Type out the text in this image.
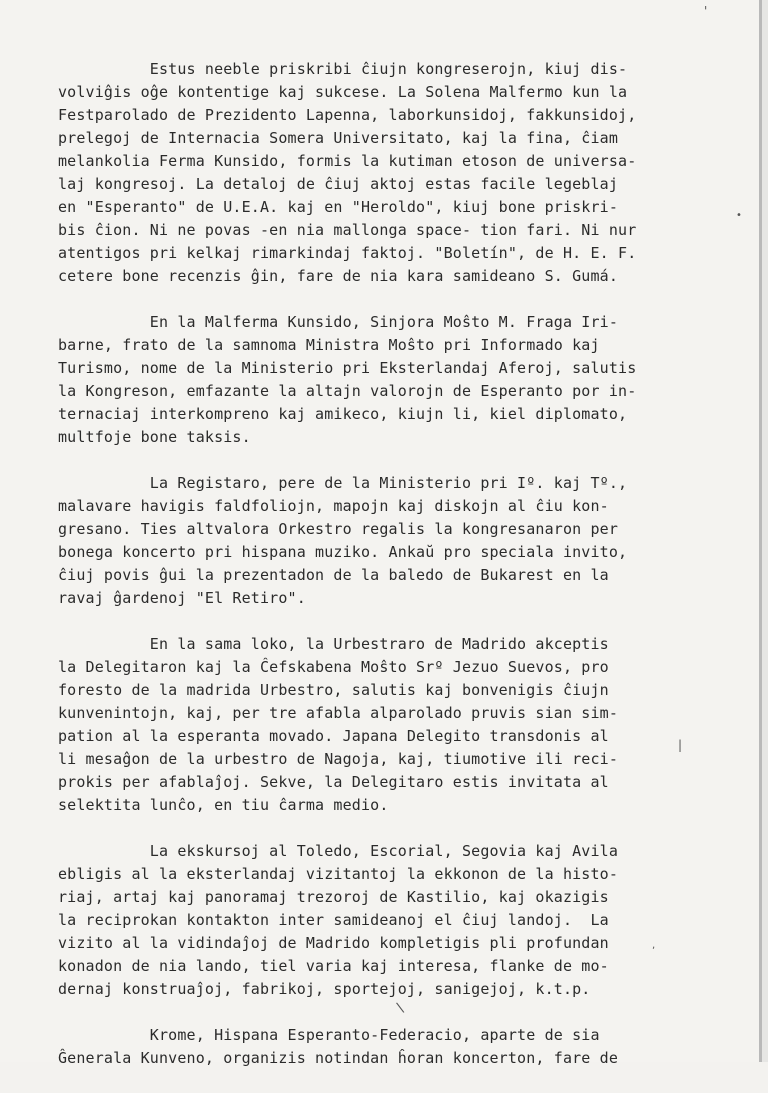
'
•
|
,
\
Estus neeble priskribi ĉiujn kongreserojn, kiuj dis-
volviĝis oĝe kontentige kaj sukcese. La Solena Malfermo kun la
Festparolado de Prezidento Lapenna, laborkunsidoj, fakkunsidoj,
prelegoj de Internacia Somera Universitato, kaj la fina, ĉiam
melankolia Ferma Kunsido, formis la kutiman etoson de universa-
laj kongresoj. La detaloj de ĉiuj aktoj estas facile legeblaj
en "Esperanto" de U.E.A. kaj en "Heroldo", kiuj bone priskri-
bis ĉion. Ni ne povas -en nia mallonga space- tion fari. Ni nur
atentigos pri kelkaj rimarkindaj faktoj. "Boletín", de H. E. F.
cetere bone recenzis ĝin, fare de nia kara samideano S. Gumá.
En la Malferma Kunsido, Sinjora Moŝto M. Fraga Iri-
barne, frato de la samnoma Ministra Moŝto pri Informado kaj
Turismo, nome de la Ministerio pri Eksterlandaj Aferoj, salutis
la Kongreson, emfazante la altajn valorojn de Esperanto por in-
ternaciaj interkompreno kaj amikeco, kiujn li, kiel diplomato,
multfoje bone taksis.
La Registaro, pere de la Ministerio pri Iº. kaj Tº.,
malavare havigis faldfoliojn, mapojn kaj diskojn al ĉiu kon-
gresano. Ties altvalora Orkestro regalis la kongresanaron per
bonega koncerto pri hispana muziko. Ankaŭ pro speciala invito,
ĉiuj povis ĝui la prezentadon de la baledo de Bukarest en la
ravaj ĝardenoj "El Retiro".
En la sama loko, la Urbestraro de Madrido akceptis
la Delegitaron kaj la Ĉefskabena Moŝto Srº Jezuo Suevos, pro
foresto de la madrida Urbestro, salutis kaj bonvenigis ĉiujn
kunvenintojn, kaj, per tre afabla alparolado pruvis sian sim-
pation al la esperanta movado. Japana Delegito transdonis al
li mesaĝon de la urbestro de Nagoja, kaj, tiumotive ili reci-
prokis per afablaĵoj. Sekve, la Delegitaro estis invitata al
selektita lunĉo, en tiu ĉarma medio.
La ekskursoj al Toledo, Escorial, Segovia kaj Avila
ebligis al la eksterlandaj vizitantoj la ekkonon de la histo-
riaj, artaj kaj panoramaj trezoroj de Kastilio, kaj okazigis
la reciprokan kontakton inter samideanoj el ĉiuj landoj.  La
vizito al la vidindaĵoj de Madrido kompletigis pli profundan
konadon de nia lando, tiel varia kaj interesa, flanke de mo-
dernaj konstruaĵoj, fabrikoj, sportejoj, sanigejoj, k.t.p.
Krome, Hispana Esperanto-Federacio, aparte de sia
Ĝenerala Kunveno, organizis notindan ĥoran koncerton, fare de
